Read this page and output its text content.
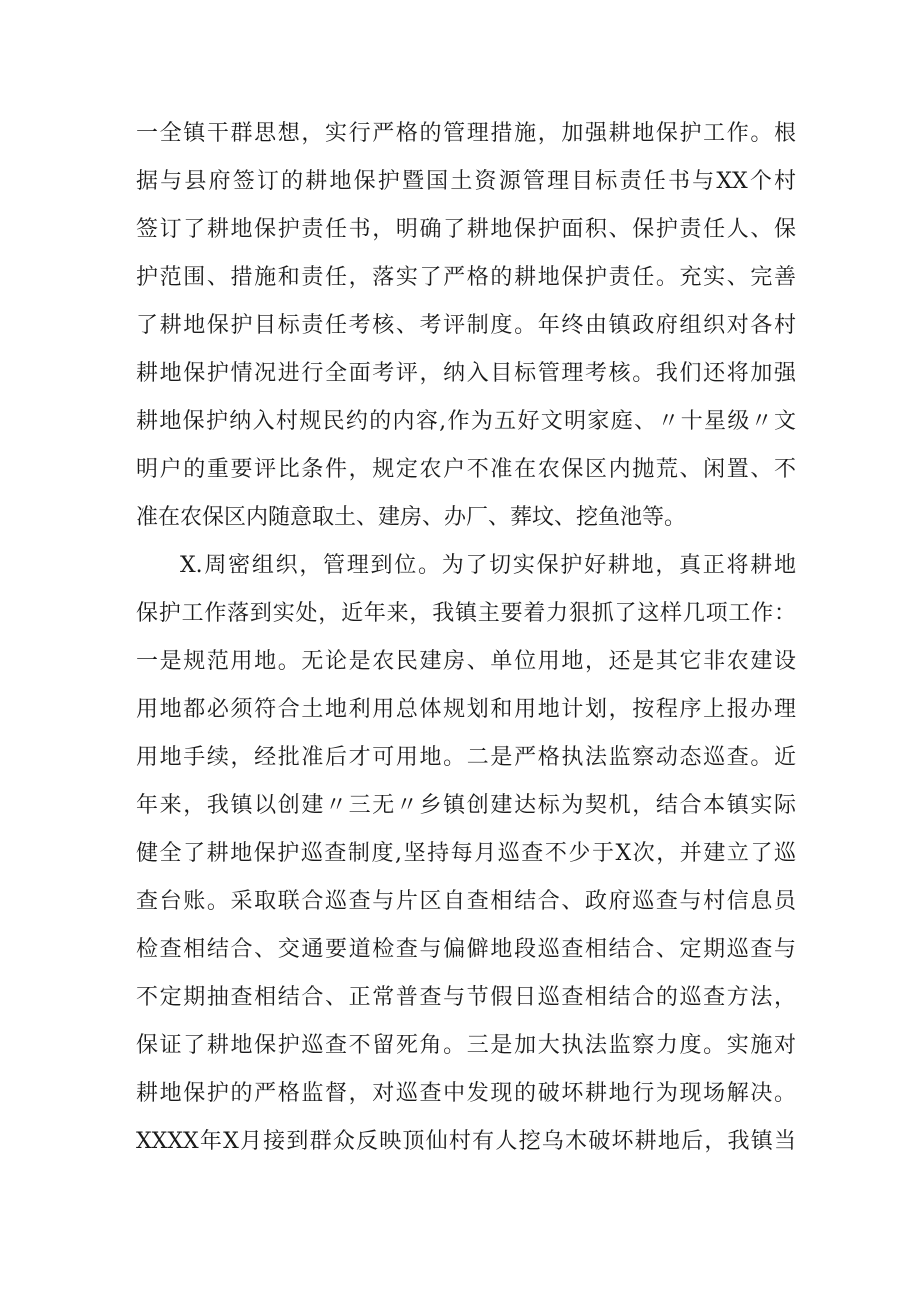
一全镇干群思想，实行严格的管理措施，加强耕地保护工作。根
据与县府签订的耕地保护暨国土资源管理目标责任书与XX个村
签订了耕地保护责任书，明确了耕地保护面积、保护责任人、保
护范围、措施和责任，落实了严格的耕地保护责任。充实、完善
了耕地保护目标责任考核、考评制度。年终由镇政府组织对各村
耕地保护情况进行全面考评，纳入目标管理考核。我们还将加强
耕地保护纳入村规民约的内容,作为五好文明家庭、〃十星级〃文
明户的重要评比条件，规定农户不准在农保区内抛荒、闲置、不
准在农保区内随意取土、建房、办厂、葬坟、挖鱼池等。
X.周密组织，管理到位。为了切实保护好耕地，真正将耕地
保护工作落到实处，近年来，我镇主要着力狠抓了这样几项工作：
一是规范用地。无论是农民建房、单位用地，还是其它非农建设
用地都必须符合土地利用总体规划和用地计划，按程序上报办理
用地手续，经批准后才可用地。二是严格执法监察动态巡查。近
年来，我镇以创建〃三无〃乡镇创建达标为契机，结合本镇实际
健全了耕地保护巡查制度,坚持每月巡查不少于X次，并建立了巡
查台账。采取联合巡查与片区自查相结合、政府巡查与村信息员
检查相结合、交通要道检查与偏僻地段巡查相结合、定期巡查与
不定期抽查相结合、正常普查与节假日巡查相结合的巡查方法，
保证了耕地保护巡查不留死角。三是加大执法监察力度。实施对
耕地保护的严格监督，对巡查中发现的破坏耕地行为现场解决。
XXXX年X月接到群众反映顶仙村有人挖乌木破坏耕地后，我镇当
